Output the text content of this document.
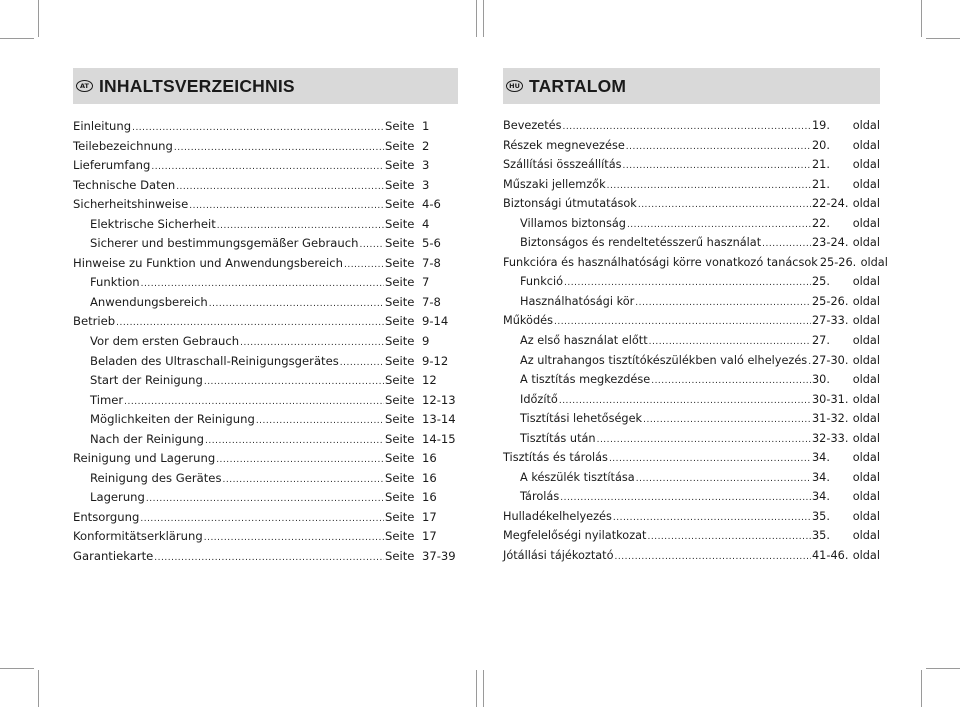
AT INHALTSVERZEICHNIS
Einleitung .....	Seite 1
Teilebezeichnung .....	Seite 2
Lieferumfang .....	Seite 3
Technische Daten .....	Seite 3
Sicherheitshinweise .....	Seite 4-6
Elektrische Sicherheit .....	Seite 4
Sicherer und bestimmungsgemäßer Gebrauch ..... Seite 5-6
Hinweise zu Funktion und Anwendungsbereich .....	Seite 7-8
Funktion .....	Seite 7
Anwendungsbereich .....	Seite 7-8
Betrieb .....	Seite 9-14
Vor dem ersten Gebrauch .....	Seite 9
Beladen des Ultraschall-Reinigungsgerätes .....	Seite 9-12
Start der Reinigung .....	Seite 12
Timer .....	Seite 12-13
Möglichkeiten der Reinigung .....	Seite 13-14
Nach der Reinigung .....	Seite 14-15
Reinigung und Lagerung .....	Seite 16
Reinigung des Gerätes .....	Seite 16
Lagerung .....	Seite 16
Entsorgung .....	Seite 17
Konformitätserklärung .....	Seite 17
Garantiekarte .....	Seite 37-39
HU TARTALOM
Bevezetés .....	19.	oldal
Részek megnevezése .....	20.	oldal
Szállítási összeállítás .....	21.	oldal
Műszaki jellemzők .....	21.	oldal
Biztonsági útmutatások .....	22-24. oldal
Villamos biztonság .....	22.	oldal
Biztonságos és rendeltetésszerű használat .....	23-24. oldal
Funkcióra és használhatósági körre vonatkozó tanácsok 25-26. oldal
Funkció .....	25.	oldal
Használhatósági kör .....	25-26. oldal
Működés .....	27-33. oldal
Az első használat előtt .....	27.	oldal
Az ultrahangos tisztítókészülékben való elhelyezés ..... 27-30. oldal
A tisztítás megkezdése .....	30.	oldal
Időzítő .....	30-31. oldal
Tisztítási lehetőségek .....	31-32. oldal
Tisztítás után .....	32-33. oldal
Tisztítás és tárolás .....	34.	oldal
A készülék tisztítása .....	34.	oldal
Tárolás .....	34.	oldal
Hulladékelhelyezés .....	35.	oldal
Megfelelőségi nyilatkozat .....	35.	oldal
Jótállási tájékoztató .....	41-46. oldal
